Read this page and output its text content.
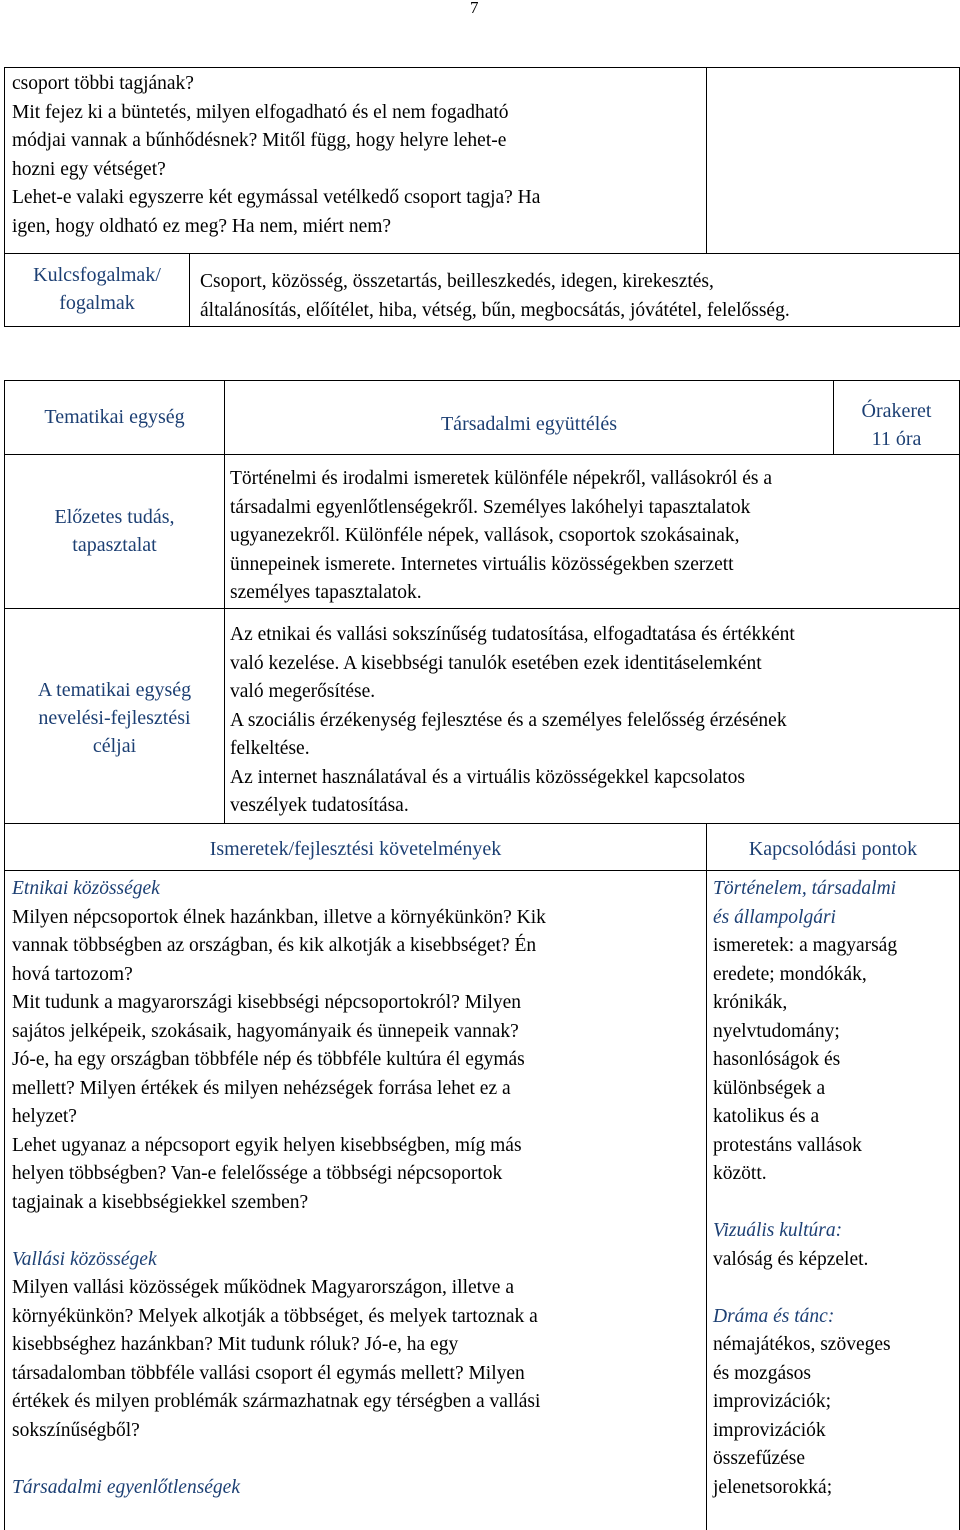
7
csoport többi tagjának?
Mit fejez ki a büntetés, milyen elfogadható és el nem fogadható
módjai vannak a bűnhődésnek? Mitől függ, hogy helyre lehet-e
hozni egy vétséget?
Lehet-e valaki egyszerre két egymással vetélkedő csoport tagja? Ha
igen, hogy oldható ez meg? Ha nem, miért nem?
Kulcsfogalmak/
fogalmak
Csoport, közösség, összetartás, beilleszkedés, idegen, kirekesztés,
általánosítás, előítélet, hiba, vétség, bűn, megbocsátás, jóvátétel, felelősség.
Tematikai egység	Társadalmi együttélés
Órakeret
11 óra
Előzetes tudás,
tapasztalat
Történelmi és irodalmi ismeretek különféle népekről, vallásokról és a
társadalmi egyenlőtlenségekről. Személyes lakóhelyi tapasztalatok
ugyanezekről. Különféle népek, vallások, csoportok szokásainak,
ünnepeinek ismerete. Internetes virtuális közösségekben szerzett
személyes tapasztalatok.
A tematikai egység
nevelési-fejlesztési
céljai
Az etnikai és vallási sokszínűség tudatosítása, elfogadtatása és értékként
való kezelése. A kisebbségi tanulók esetében ezek identitáselemként
való megerősítése.
A szociális érzékenység fejlesztése és a személyes felelősség érzésének
felkeltése.
Az internet használatával és a virtuális közösségekkel kapcsolatos
veszélyek tudatosítása.
Ismeretek/fejlesztési követelmények	Kapcsolódási pontok
Etnikai közösségek
Milyen népcsoportok élnek hazánkban, illetve a környékünkön? Kik
vannak többségben az országban, és kik alkotják a kisebbséget? Én
hová tartozom?
Mit tudunk a magyarországi kisebbségi népcsoportokról? Milyen
sajátos jelképeik, szokásaik, hagyományaik és ünnepeik vannak?
Jó-e, ha egy országban többféle nép és többféle kultúra él egymás
mellett? Milyen értékek és milyen nehézségek forrása lehet ez a
helyzet?
Lehet ugyanaz a népcsoport egyik helyen kisebbségben, míg más
helyen többségben? Van-e felelőssége a többségi népcsoportok
tagjainak a kisebbségiekkel szemben?
Vallási közösségek
Milyen vallási közösségek működnek Magyarországon, illetve a
környékünkön? Melyek alkotják a többséget, és melyek tartoznak a
kisebbséghez hazánkban? Mit tudunk róluk? Jó-e, ha egy
társadalomban többféle vallási csoport él egymás mellett? Milyen
értékek és milyen problémák származhatnak egy térségben a vallási
sokszínűségből?
Társadalmi egyenlőtlenségek
Történelem, társadalmi
és állampolgári
ismeretek: a magyarság
eredete; mondókák,
krónikák,
nyelvtudomány;
hasonlóságok és
különbségek a
katolikus és a
protestáns vallások
között.
Vizuális kultúra:
valóság és képzelet.
Dráma és tánc:
némajátékos, szöveges
és mozgásos
improvizációk;
improvizációk
összefűzése
jelenetsorokká;
